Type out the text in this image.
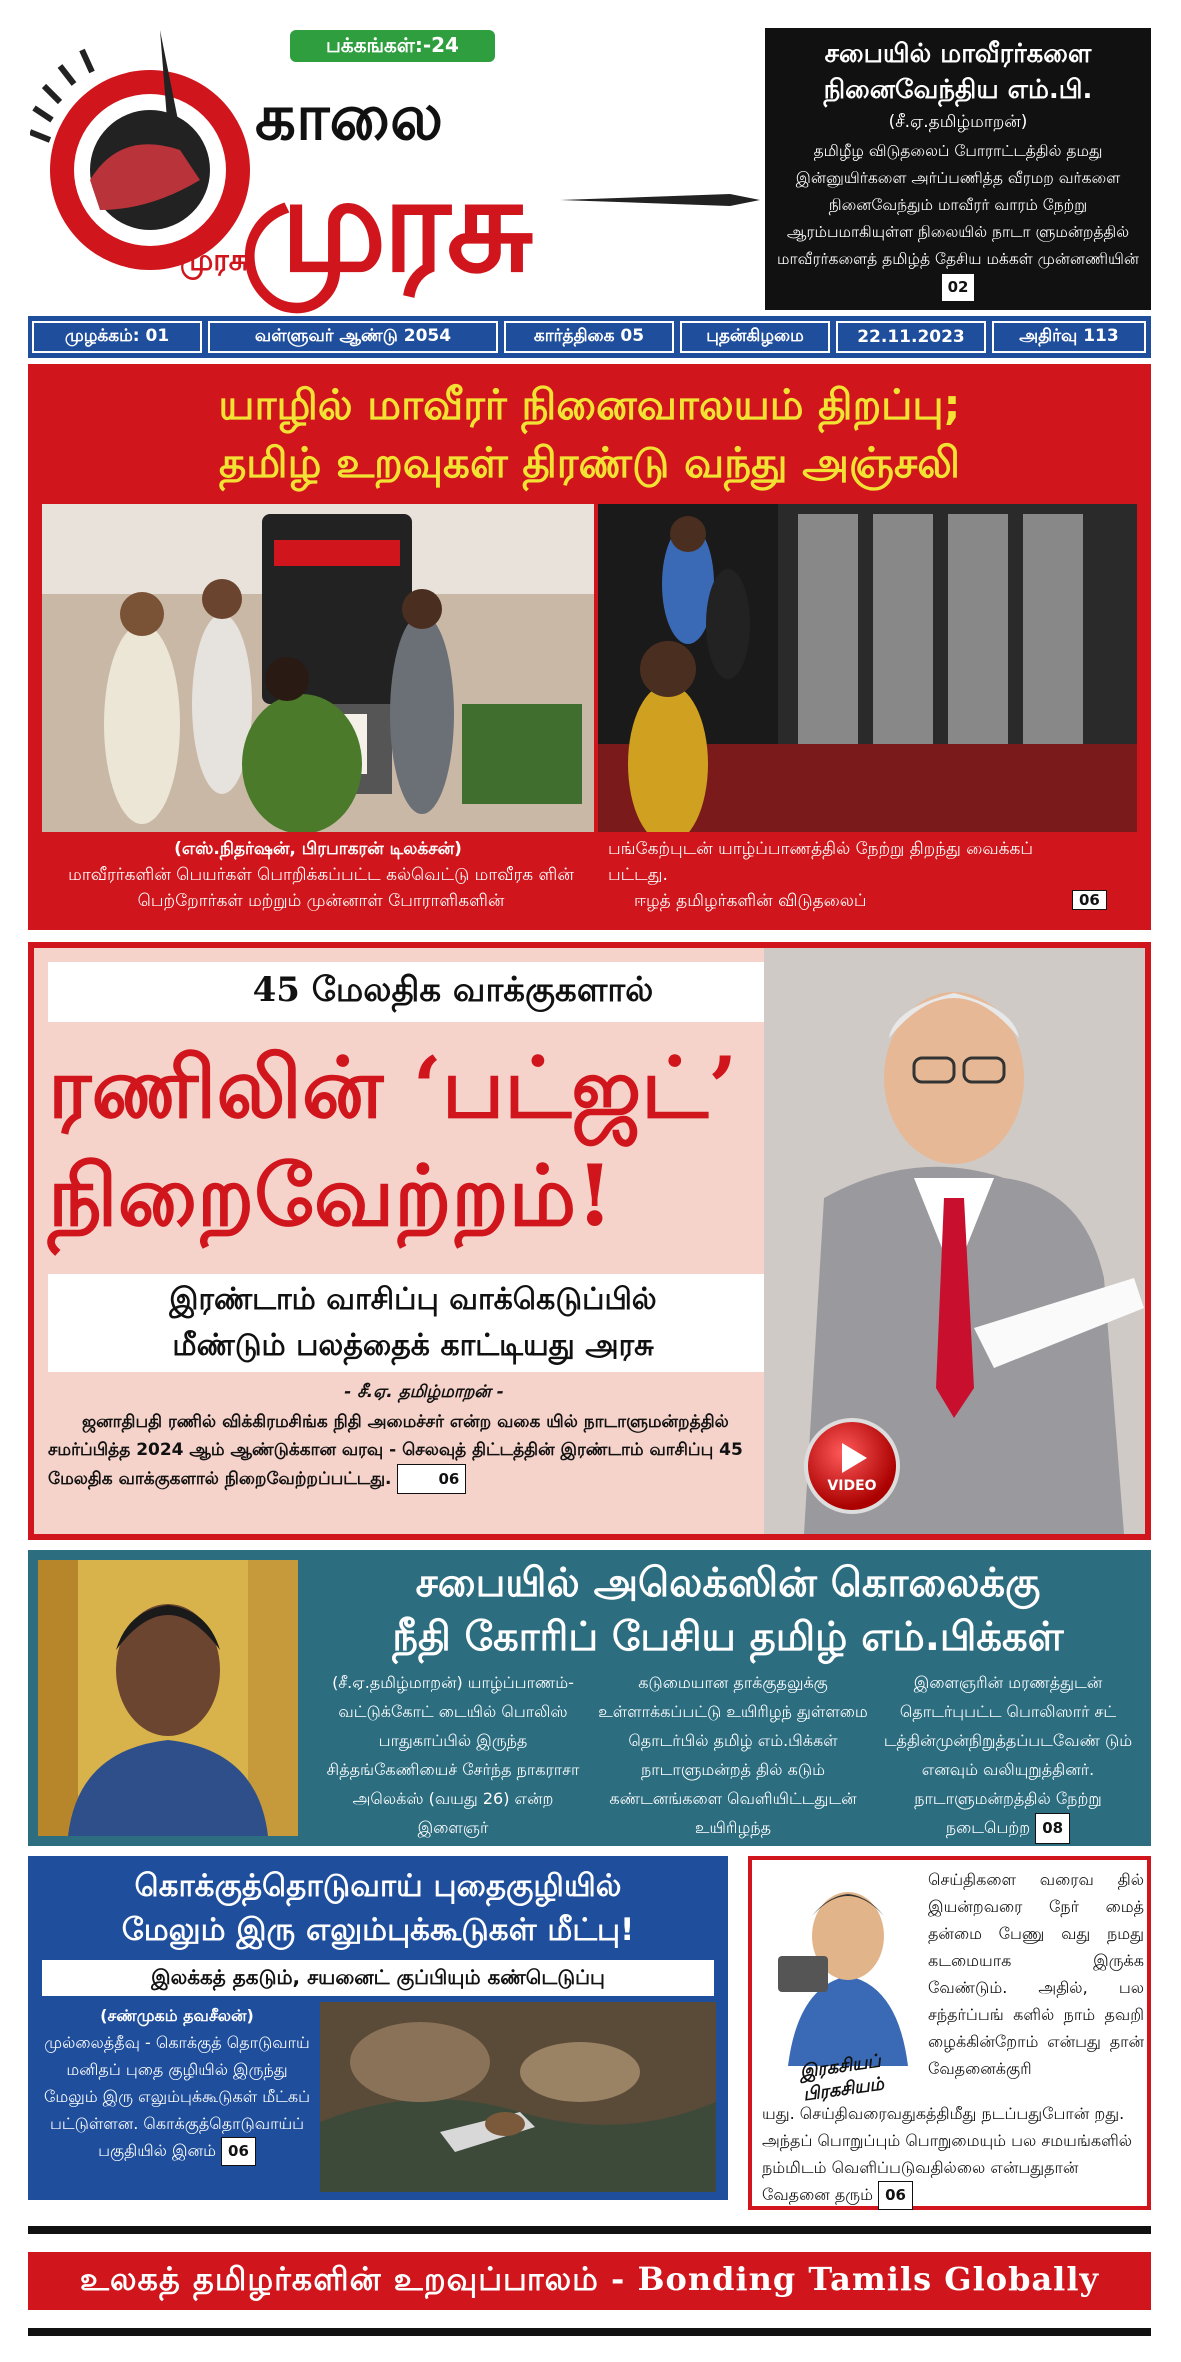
முரசு
பக்கங்கள்:-24
காலை
முரசு
சபையில் மாவீரர்களை
நினைவேந்திய எம்.பி.
(சீ.ஏ.தமிழ்மாறன்)

தமிழீழ விடுதலைப் போராட்டத்தில் தமது இன்னுயிர்களை அர்ப்பணித்த வீரமற வர்களை நினைவேந்தும் மாவீரர் வாரம் நேற்று ஆரம்பமாகியுள்ள நிலையில் நாடா ளுமன்றத்தில் மாவீரர்களைத் தமிழ்த் தேசிய மக்கள் முன்னணியின் 02

முழக்கம்: 01	வள்ளுவர் ஆண்டு 2054	கார்த்திகை 05	புதன்கிழமை	22.11.2023	அதிர்வு 113
யாழில் மாவீரர் நினைவாலயம் திறப்பு;
தமிழ் உறவுகள் திரண்டு வந்து அஞ்சலி
(எஸ்.நிதர்ஷன், பிரபாகரன் டிலக்சன்)
மாவீரர்களின் பெயர்கள் பொறிக்கப்பட்ட கல்வெட்டு மாவீரக ளின் பெற்றோர்கள் மற்றும் முன்னாள் போராளிகளின்
பங்கேற்புடன் யாழ்ப்பாணத்தில் நேற்று திறந்து வைக்கப்
பட்டது.
ஈழத் தமிழர்களின் விடுதலைப்	06
45 மேலதிக வாக்குகளால்
ரணிலின் ‘பட்ஜட்’
நிறைவேற்றம்!
இரண்டாம் வாசிப்பு வாக்கெடுப்பில்
மீண்டும் பலத்தைக் காட்டியது அரசு
- சீ.ஏ. தமிழ்மாறன் -
ஜனாதிபதி ரணில் விக்கிரமசிங்க நிதி அமைச்சர் என்ற வகை யில் நாடாளுமன்றத்தில் சமர்ப்பித்த 2024 ஆம் ஆண்டுக்கான வரவு - செலவுத் திட்டத்தின் இரண்டாம் வாசிப்பு 45 மேலதிக வாக்குகளால் நிறைவேற்றப்பட்டது.	06	VIDEO
சபையில் அலெக்ஸின் கொலைக்கு
நீதி கோரிப் பேசிய தமிழ் எம்.பிக்கள்
(சீ.ஏ.தமிழ்மாறன்) யாழ்ப்பாணம்-வட்டுக்கோட் டையில் பொலிஸ் பாதுகாப்பில் இருந்த சித்தங்கேணியைச் சேர்ந்த நாகராசா அலெக்ஸ் (வயது 26) என்ற இளைஞர்
கடுமையான தாக்குதலுக்கு உள்ளாக்கப்பட்டு உயிரிழந் துள்ளமை தொடர்பில் தமிழ் எம்.பிக்கள் நாடாளுமன்றத் தில் கடும் கண்டனங்களை வெளியிட்டதுடன் உயிரிழந்த
இளைஞரின் மரணத்துடன் தொடர்புபட்ட பொலிஸார் சட் டத்தின்முன்நிறுத்தப்படவேண் டும் எனவும் வலியுறுத்தினர். நாடாளுமன்றத்தில் நேற்று நடைபெற்ற 08
கொக்குத்தொடுவாய் புதைகுழியில்
மேலும் இரு எலும்புக்கூடுகள் மீட்பு!
இலக்கத் தகடும், சயனைட் குப்பியும் கண்டெடுப்பு
(சண்முகம் தவசீலன்)
முல்லைத்தீவு - கொக்குத் தொடுவாய் மனிதப் புதை குழியில் இருந்து மேலும் இரு எலும்புக்கூடுகள் மீட்கப் பட்டுள்ளன. கொக்குத்தொடுவாய்ப் பகுதியில் இனம் 06
இரகசியப் பிரகசியம்
செய்திகளை வரைவ தில் இயன்றவரை நேர் மைத் தன்மை பேணு வது நமது கடமையாக இருக்க வேண்டும். அதில், பல சந்தர்ப்பங் களில் நாம் தவறி ழைக்கின்றோம் என்பது தான் வேதனைக்குரி
யது. செய்திவரைவதுகத்திமீது நடப்பதுபோன் றது. அந்தப் பொறுப்பும் பொறுமையும் பல சமயங்களில் நம்மிடம் வெளிப்படுவதில்லை என்பதுதான் வேதனை தரும் 06
உலகத் தமிழர்களின் உறவுப்பாலம் - Bonding Tamils Globally
